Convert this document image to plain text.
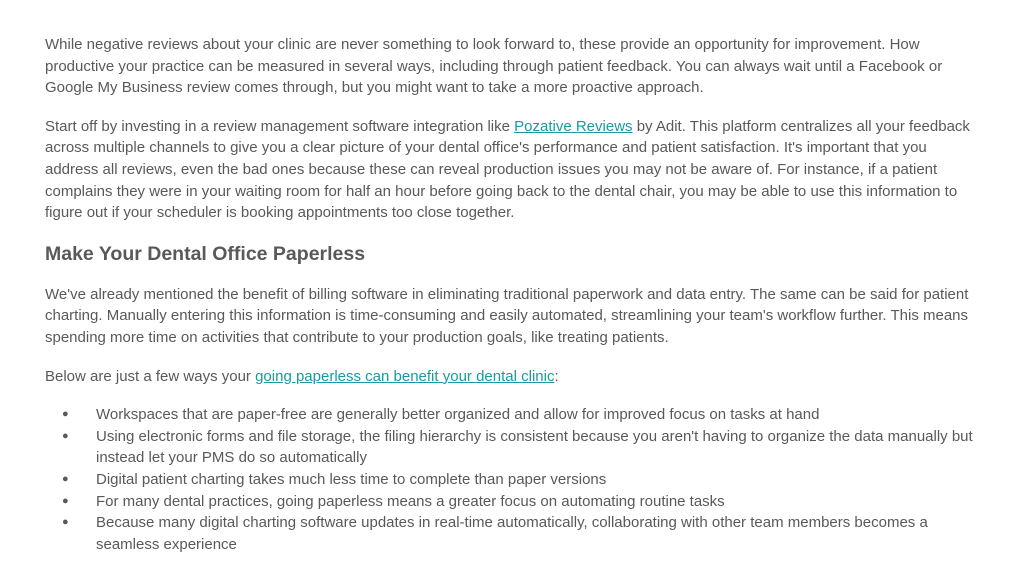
While negative reviews about your clinic are never something to look forward to, these provide an opportunity for improvement. How productive your practice can be measured in several ways, including through patient feedback. You can always wait until a Facebook or Google My Business review comes through, but you might want to take a more proactive approach.

Start off by investing in a review management software integration like Pozative Reviews by Adit. This platform centralizes all your feedback across multiple channels to give you a clear picture of your dental office's performance and patient satisfaction. It's important that you address all reviews, even the bad ones because these can reveal production issues you may not be aware of. For instance, if a patient complains they were in your waiting room for half an hour before going back to the dental chair, you may be able to use this information to figure out if your scheduler is booking appointments too close together.

Make Your Dental Office Paperless

We've already mentioned the benefit of billing software in eliminating traditional paperwork and data entry. The same can be said for patient charting. Manually entering this information is time-consuming and easily automated, streamlining your team's workflow further. This means spending more time on activities that contribute to your production goals, like treating patients.

Below are just a few ways your going paperless can benefit your dental clinic:

● Workspaces that are paper-free are generally better organized and allow for improved focus on tasks at hand
● Using electronic forms and file storage, the filing hierarchy is consistent because you aren't having to organize the data manually but instead let your PMS do so automatically
● Digital patient charting takes much less time to complete than paper versions
● For many dental practices, going paperless means a greater focus on automating routine tasks
● Because many digital charting software updates in real-time automatically, collaborating with other team members becomes a seamless experience
